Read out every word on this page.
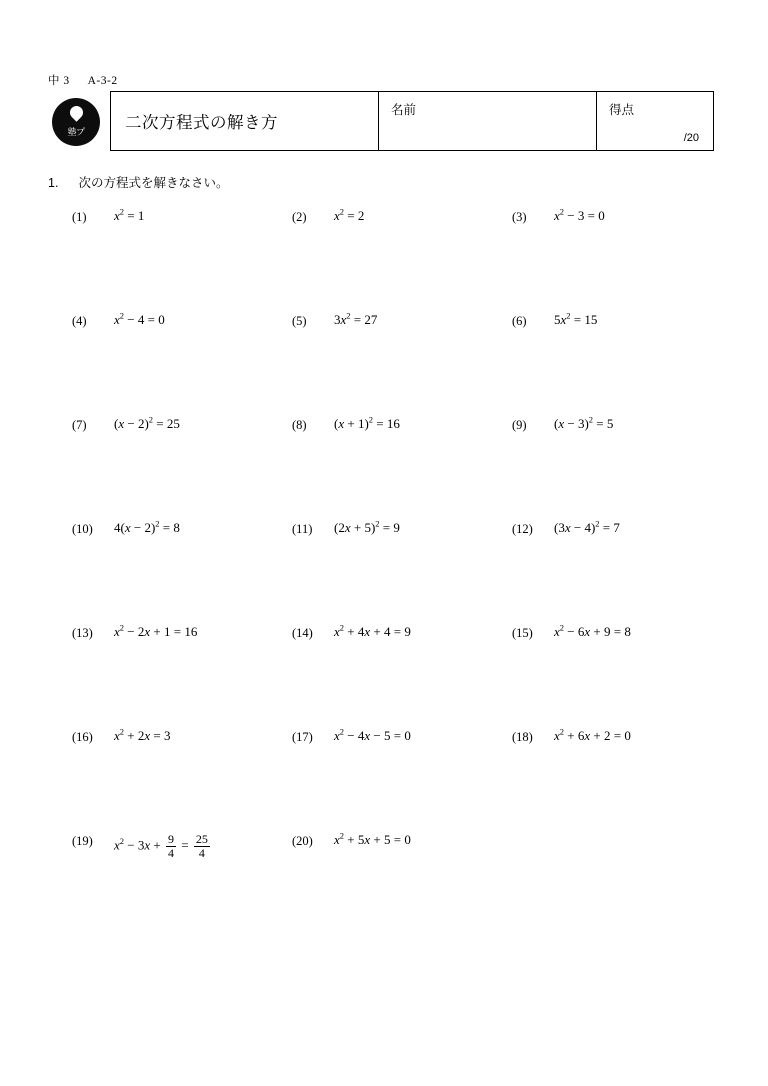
中 3 A-3-2
塾プ	二次方程式の解き方
名前	得点
/20
1. 次の方程式を解きなさい。
(1)	$x^2 = 1$	(2)	$x^2 = 2$	(3)	$x^2 - 3 = 0$
(4)	$x^2 - 4 = 0$	(5)	$3x^2 = 27$	(6)	$5x^2 = 15$
(7)	$(x - 2)^2 = 25$	(8)	$(x + 1)^2 = 16$	(9)	$(x - 3)^2 = 5$
(10)	$4(x - 2)^2 = 8$	(11)	$(2x + 5)^2 = 9$	(12)	$(3x - 4)^2 = 7$
(13)	$x^2 - 2x + 1 = 16$	(14)	$x^2 + 4x + 4 = 9$	(15)	$x^2 - 6x + 9 = 8$
(16)	$x^2 + 2x = 3$	(17)	$x^2 - 4x - 5 = 0$	(18)	$x^2 + 6x + 2 = 0$
(19)	$x^2 - 3x + \frac{9}{4} = \frac{25}{4}$	(20)	$x^2 + 5x + 5 = 0$
